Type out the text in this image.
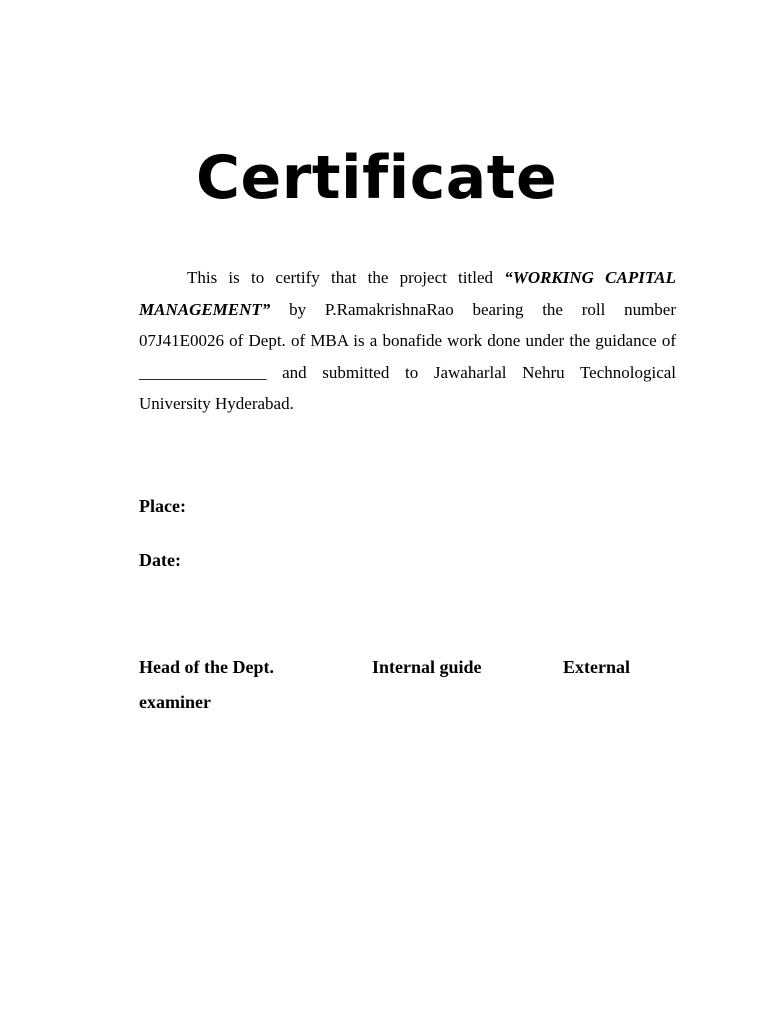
Certificate

This is to certify that the project titled “WORKING CAPITAL MANAGEMENT” by P.RamakrishnaRao bearing the roll number 07J41E0026 of Dept. of MBA is a bonafide work done under the guidance of _______________ and submitted to Jawaharlal Nehru Technological University Hyderabad.

Place:

Date:

Head of the Dept.	Internal guide	External

examiner
